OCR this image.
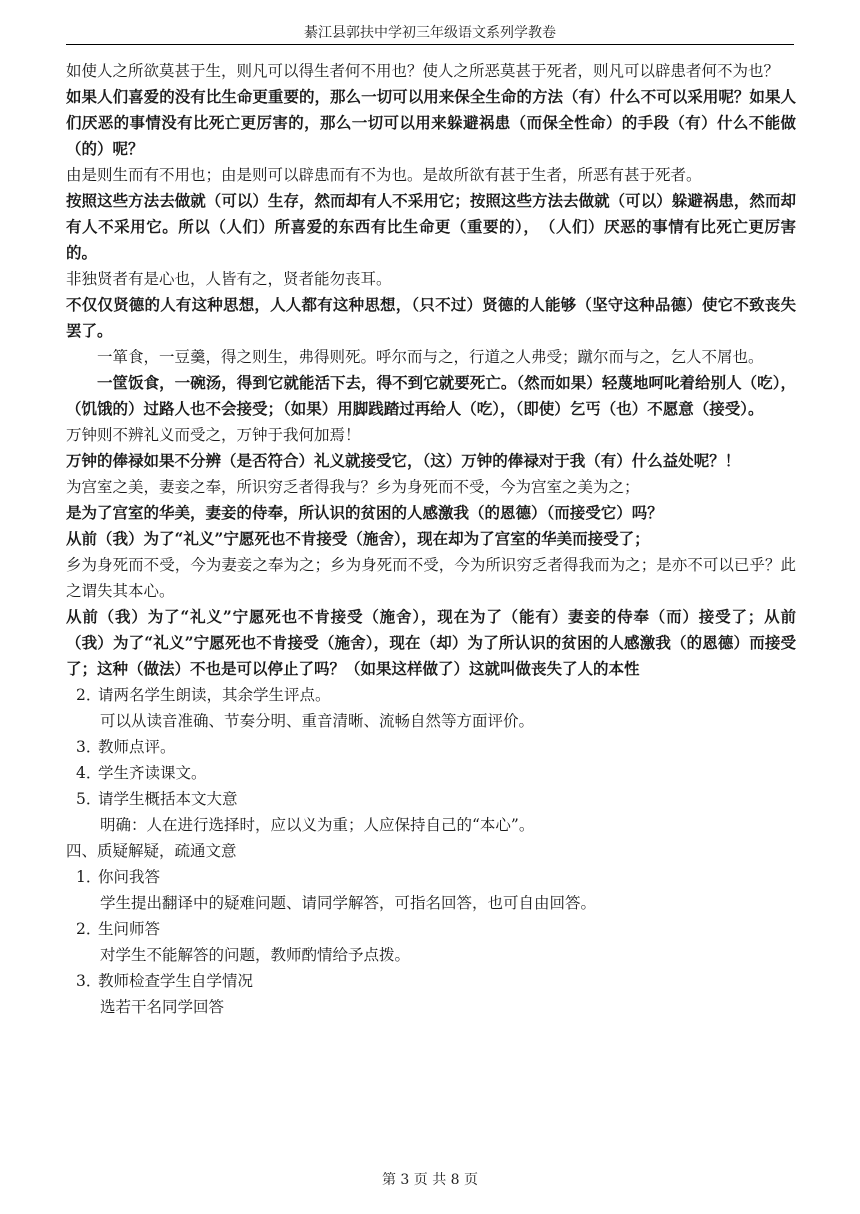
綦江县郭扶中学初三年级语文系列学教卷

如使人之所欲莫甚于生，则凡可以得生者何不用也？使人之所恶莫甚于死者，则凡可以辟患者何不为也？

如果人们喜爱的没有比生命更重要的，那么一切可以用来保全生命的方法（有）什么不可以采用呢？如果人们厌恶的事情没有比死亡更厉害的，那么一切可以用来躲避祸患（而保全性命）的手段（有）什么不能做（的）呢？

由是则生而有不用也；由是则可以辟患而有不为也。是故所欲有甚于生者，所恶有甚于死者。

按照这些方法去做就（可以）生存，然而却有人不采用它；按照这些方法去做就（可以）躲避祸患，然而却有人不采用它。所以（人们）所喜爱的东西有比生命更（重要的），　（人们）厌恶的事情有比死亡更厉害的。

非独贤者有是心也，人皆有之，贤者能勿丧耳。

不仅仅贤德的人有这种思想，人人都有这种思想，（只不过）贤德的人能够（坚守这种品德）使它不致丧失罢了。

一箪食，一豆羹，得之则生，弗得则死。呼尔而与之，行道之人弗受；蹴尔而与之，乞人不屑也。

一筐饭食，一碗汤，得到它就能活下去，得不到它就要死亡。（然而如果）轻蔑地呵叱着给别人（吃），（饥饿的）过路人也不会接受；（如果）用脚践踏过再给人（吃），（即使）乞丐（也）不愿意（接受）。

万钟则不辨礼义而受之，万钟于我何加焉！

万钟的俸禄如果不分辨（是否符合）礼义就接受它，（这）万钟的俸禄对于我（有）什么益处呢？！

为宫室之美，妻妾之奉，所识穷乏者得我与？乡为身死而不受，今为宫室之美为之；

是为了宫室的华美，妻妾的侍奉，所认识的贫困的人感激我（的恩德）（而接受它）吗？

从前（我）为了“礼义”宁愿死也不肯接受（施舍），现在却为了宫室的华美而接受了；

乡为身死而不受，今为妻妾之奉为之；乡为身死而不受，今为所识穷乏者得我而为之；是亦不可以已乎？此之谓失其本心。

从前（我）为了“礼义”宁愿死也不肯接受（施舍），现在为了（能有）妻妾的侍奉（而）接受了；从前（我）为了“礼义”宁愿死也不肯接受（施舍），现在（却）为了所认识的贫困的人感激我（的恩德）而接受了；这种（做法）不也是可以停止了吗？（如果这样做了）这就叫做丧失了人的本性

2．请两名学生朗读，其余学生评点。

可以从读音准确、节奏分明、重音清晰、流畅自然等方面评价。

3．教师点评。

4．学生齐读课文。

5．请学生概括本文大意

明确：人在进行选择时，应以义为重；人应保持自己的“本心”。

四、质疑解疑，疏通文意

1．你问我答

学生提出翻译中的疑难问题、请同学解答，可指名回答，也可自由回答。

2．生问师答

对学生不能解答的问题，教师酌情给予点拨。

3．教师检查学生自学情况

选若干名同学回答

第 3 页 共 8 页
